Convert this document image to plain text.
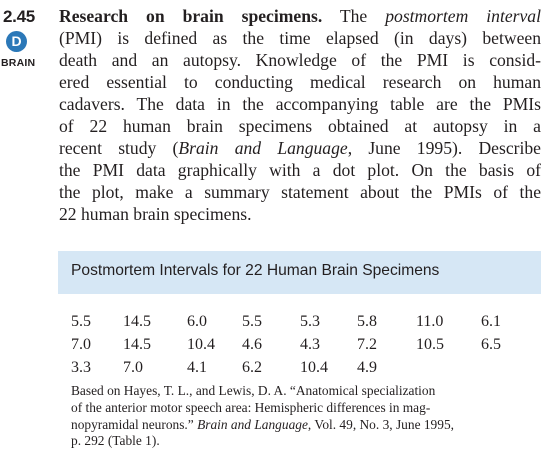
2.45
D
BRAIN
Research on brain specimens. The postmortem interval
(PMI) is defined as the time elapsed (in days) between
death and an autopsy. Knowledge of the PMI is consid-
ered essential to conducting medical research on human
cadavers. The data in the accompanying table are the PMIs
of 22 human brain specimens obtained at autopsy in a
recent study (Brain and Language, June 1995). Describe
the PMI data graphically with a dot plot. On the basis of
the plot, make a summary statement about the PMIs of the
22 human brain specimens.
Postmortem Intervals for 22 Human Brain Specimens
5.5 14.5 6.0 5.5 5.3 5.8 11.0 6.1
7.0 14.5 10.4 4.6 4.3 7.2 10.5 6.5
3.3 7.0	4.1 6.2 10.4 4.9
Based on Hayes, T. L., and Lewis, D. A. “Anatomical specialization
of the anterior motor speech area: Hemispheric differences in mag-
nopyramidal neurons.” Brain and Language, Vol. 49, No. 3, June 1995,
p. 292 (Table 1).
